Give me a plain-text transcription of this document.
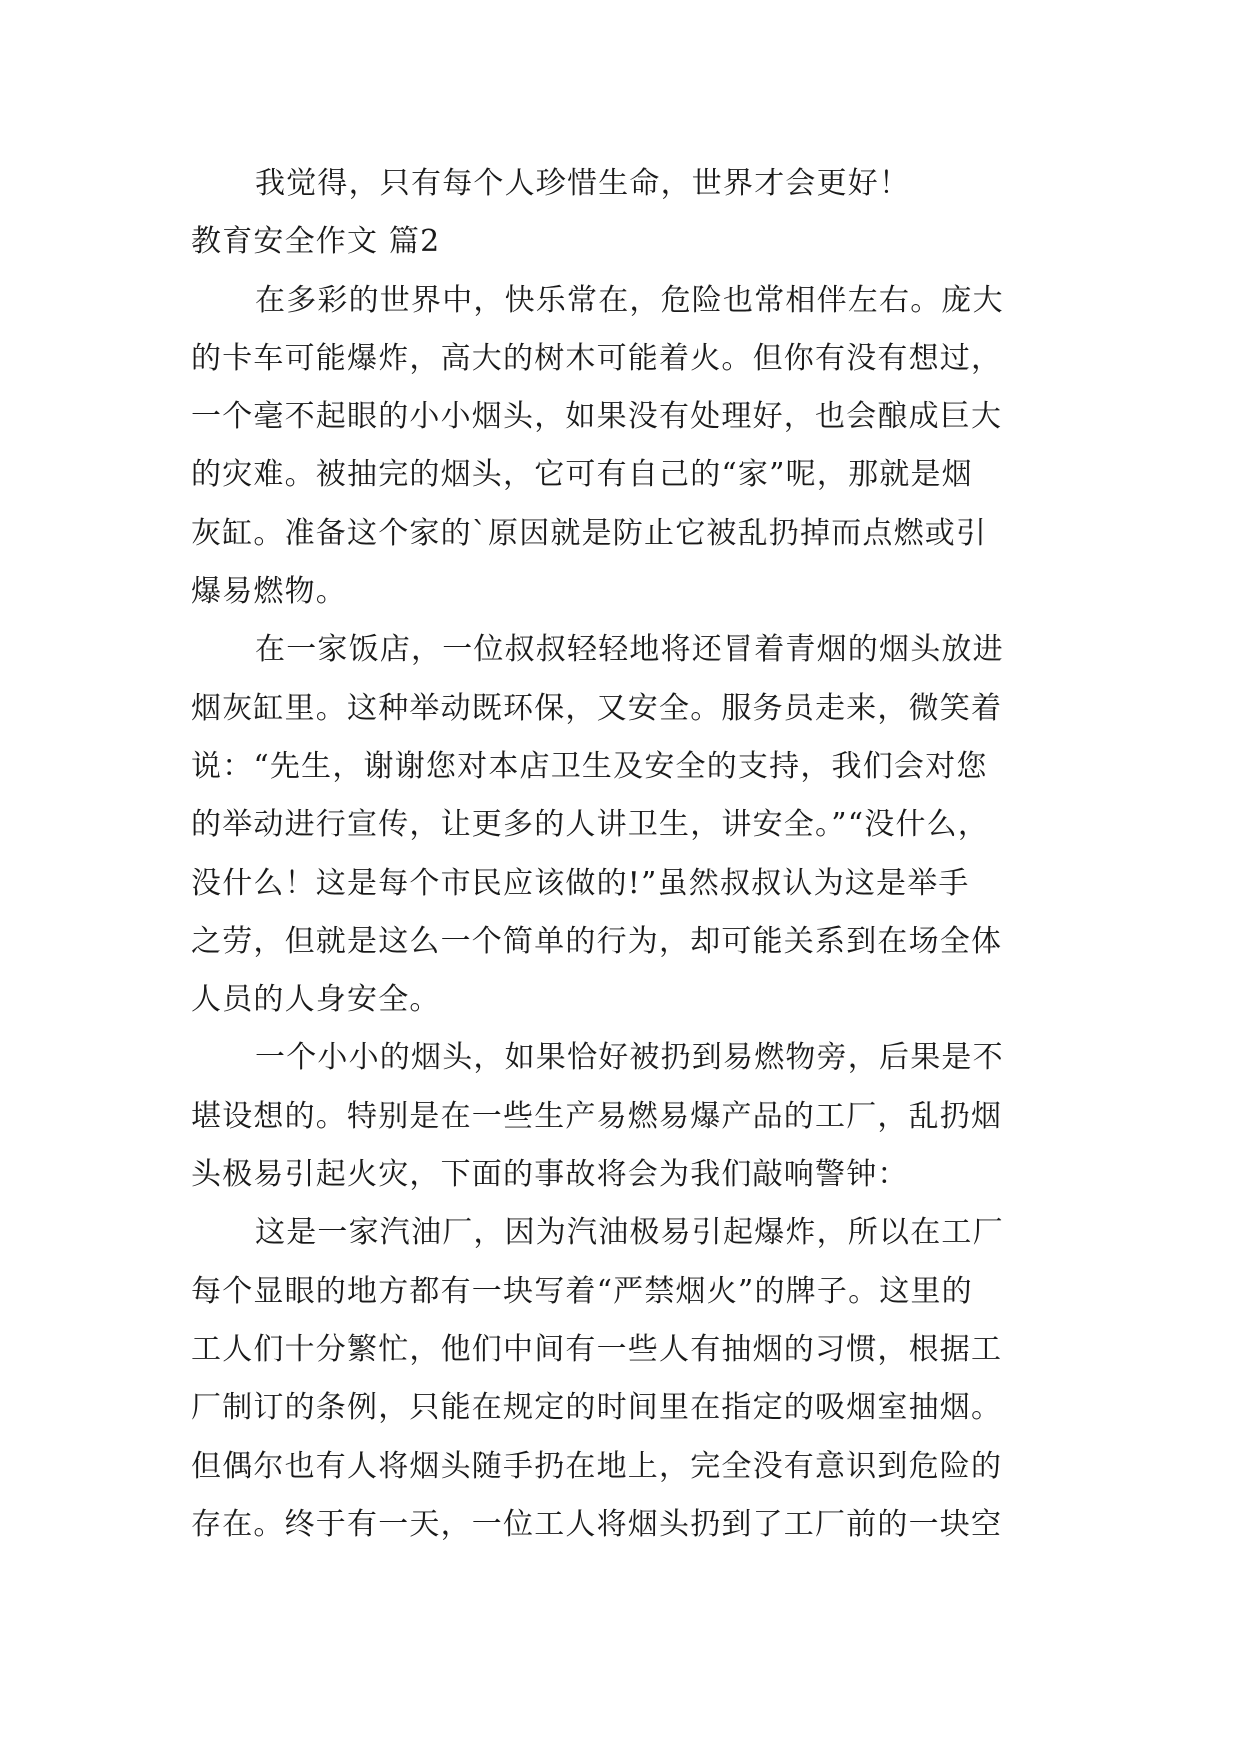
我觉得，只有每个人珍惜生命，世界才会更好！
教育安全作文 篇2
在多彩的世界中，快乐常在，危险也常相伴左右。庞大
的卡车可能爆炸，高大的树木可能着火。但你有没有想过，
一个毫不起眼的小小烟头，如果没有处理好，也会酿成巨大
的灾难。被抽完的烟头，它可有自己的“家”呢，那就是烟
灰缸。准备这个家的`原因就是防止它被乱扔掉而点燃或引
爆易燃物。
在一家饭店，一位叔叔轻轻地将还冒着青烟的烟头放进
烟灰缸里。这种举动既环保，又安全。服务员走来，微笑着
说：“先生，谢谢您对本店卫生及安全的支持，我们会对您
的举动进行宣传，让更多的人讲卫生，讲安全。”“没什么，
没什么！这是每个市民应该做的!”虽然叔叔认为这是举手
之劳，但就是这么一个简单的行为，却可能关系到在场全体
人员的人身安全。
一个小小的烟头，如果恰好被扔到易燃物旁，后果是不
堪设想的。特别是在一些生产易燃易爆产品的工厂，乱扔烟
头极易引起火灾，下面的事故将会为我们敲响警钟：
这是一家汽油厂，因为汽油极易引起爆炸，所以在工厂
每个显眼的地方都有一块写着“严禁烟火”的牌子。这里的
工人们十分繁忙，他们中间有一些人有抽烟的习惯，根据工
厂制订的条例，只能在规定的时间里在指定的吸烟室抽烟。
但偶尔也有人将烟头随手扔在地上，完全没有意识到危险的
存在。终于有一天，一位工人将烟头扔到了工厂前的一块空
